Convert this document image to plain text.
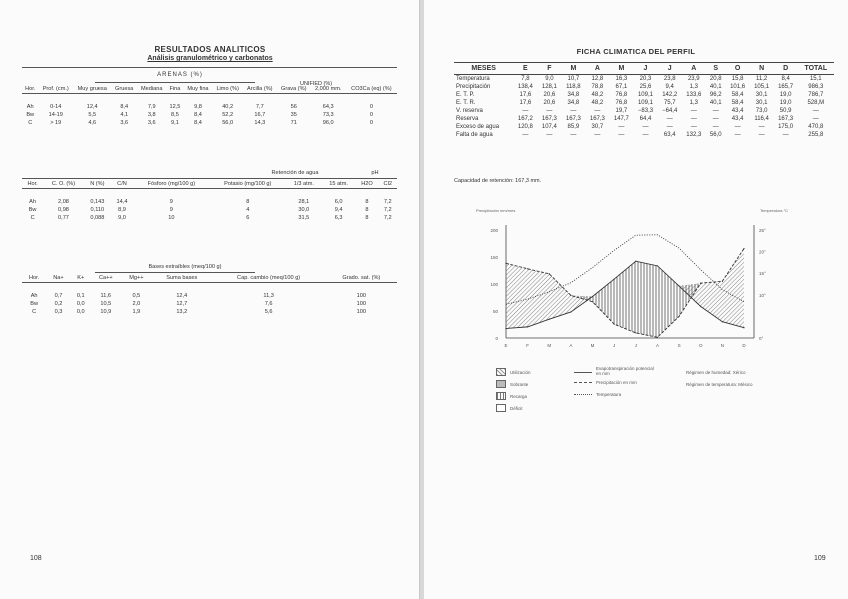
RESULTADOS ANALITICOS
Análisis granulométrico y carbonatos
ARENAS (%)
UNIFIED (%)
Hor.	Prof. (cm.)	Muy gruesa	Gruesa	Mediana	Fina	Muy fina	Limo (%)	Arcilla (%)	Grava (%)	2,000 mm.	CO3Ca (eq) (%)
Ah	0-14	12,4	8,4	7,9	12,5	9,8	40,2	7,7	56	64,3	0
Bw	14-19	5,5	4,1	3,8	8,5	8,4	52,2	16,7	35	73,3	0
C	> 19	4,6	3,6	3,6	9,1	8,4	56,0	14,3	71	96,0	0
Retención de agua	pH
Hor.	C. O. (%)	N (%)	C/N	Fósforo (mg/100 g)	Potasio (mg/100 g)	1/3 atm.	15 atm.	H2O	Cl2
Ah	2,08	0,143	14,4	9	8	28,1	6,0	8	7,2
Bw	0,98	0,110	8,9	9	4	30,0	9,4	8	7,2
C	0,77	0,088	9,0	10	6	31,5	6,3	8	7,2
Bases extraíbles (meq/100 g)
Hor.	Na+	K+	Ca++	Mg++	Suma bases	Cap. cambio (meq/100 g)	Grado. sat. (%)
Ah	0,7	0,1	11,6	0,5	12,4	11,3	100
Bw	0,2	0,0	10,5	2,0	12,7	7,6	100
C	0,3	0,0	10,9	1,9	13,2	5,6	100
108
FICHA CLIMATICA DEL PERFIL
MESES	E	F	M	A	M	J	J	A	S	O	N	D	TOTAL
Temperatura	7,8	9,0	10,7	12,8	16,3	20,3	23,8	23,9	20,8	15,8	11,2	8,4	15,1
Precipitación	138,4	128,1	118,8	78,8	67,1	25,6	9,4	1,3	40,1	101,6	105,1	165,7	986,3
E. T. P.	17,6	20,6	34,8	48,2	76,8	109,1	142,2	133,6	96,2	58,4	30,1	19,0	786,7
E. T. R.	17,6	20,6	34,8	48,2	76,8	109,1	75,7	1,3	40,1	58,4	30,1	19,0	528,M
V. reserva	—	—	—	—	19,7	−83,3	−64,4	—	—	43,4	73,0	50,9	—
Reserva	167,2	167,3	167,3	167,3	147,7	64,4	—	—	—	43,4	116,4	167,3	—
Exceso de agua	120,8	107,4	85,9	30,7	—	—	—	—	—	—	—	175,0	470,8
Falta de agua	—	—	—	—	—	—	63,4	132,3	56,0	—	—	—	255,8
Capacidad de retención: 167,3 mm.
200
150
100
50
0
25°
20°
15°
10°
0°
E	F	M	A	M	J	J	A	S	O	N	D
Precipitación mm/mes	Temperatura °C
Utilización
Sobrante
Recarga
Déficit
Evapotranspiración potencial en mm
Precipitación en mm
Temperatura
Régimen de humedad: Xérico
Régimen de temperatura: Mésico
109
